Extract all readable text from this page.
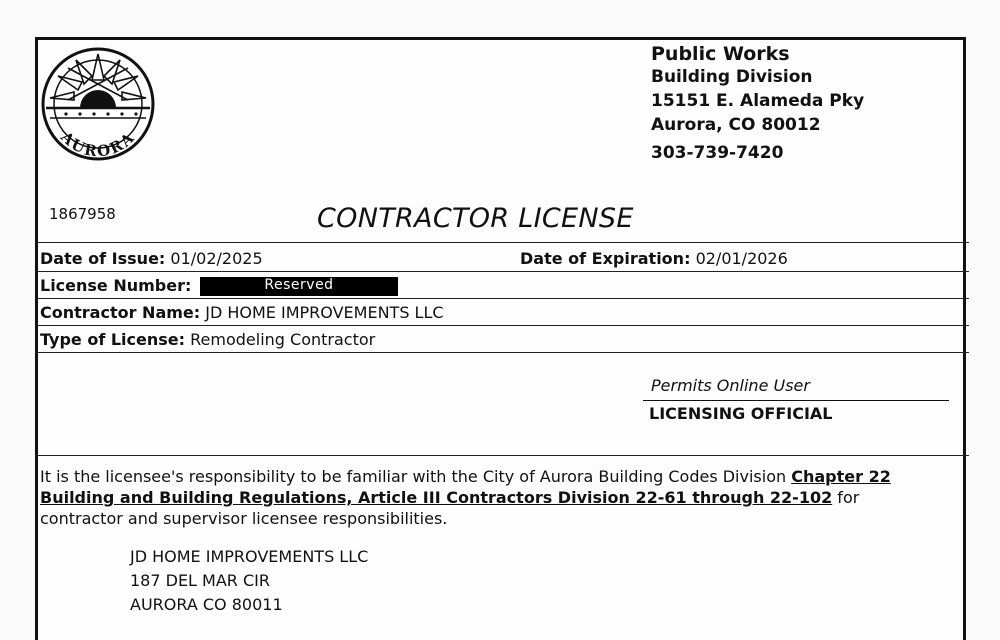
AURORA
Public Works
Building Division
15151 E. Alameda Pky
Aurora, CO 80012
303-739-7420
1867958	CONTRACTOR LICENSE
Date of Issue: 01/02/2025	Date of Expiration: 02/01/2026
License Number:	Reserved
Contractor Name: JD HOME IMPROVEMENTS LLC
Type of License: Remodeling Contractor
Permits Online User
LICENSING OFFICIAL
It is the licensee's responsibility to be familiar with the City of Aurora Building Codes Division Chapter 22 Building and Building Regulations, Article III Contractors Division 22-61 through 22-102 for contractor and supervisor licensee responsibilities.
JD HOME IMPROVEMENTS LLC
187 DEL MAR CIR
AURORA CO 80011
